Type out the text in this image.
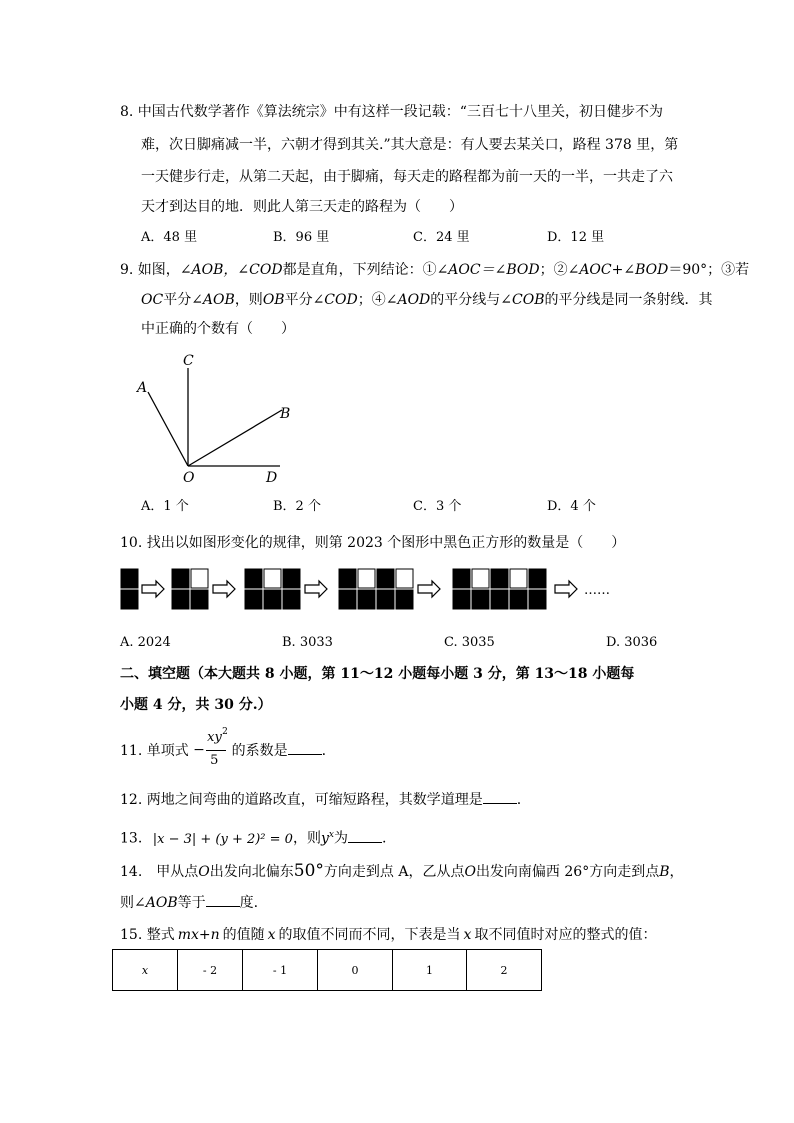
8. 中国古代数学著作《算法统宗》中有这样一段记载：“三百七十八里关，初日健步不为
难，次日脚痛减一半，六朝才得到其关.”其大意是：有人要去某关口，路程 378 里，第
一天健步行走，从第二天起，由于脚痛，每天走的路程都为前一天的一半，一共走了六
天才到达目的地．则此人第三天走的路程为（　　）
A．48 里	B．96 里	C．24 里	D．12 里
9. 如图，∠AOB，∠COD都是直角，下列结论：①∠AOC＝∠BOD；②∠AOC+∠BOD＝90°；③若
OC平分∠AOB，则OB平分∠COD；④∠AOD的平分线与∠COB的平分线是同一条射线．其
中正确的个数有（　　）
C
A
B
O	D
A．1 个	B．2 个	C．3 个	D．4 个
10. 找出以如图形变化的规律，则第 2023 个图形中黑色正方形的数量是（　　）
……
A. 2024	B. 3033	C. 3035	D. 3036
二、填空题（本大题共 8 小题，第 11～12 小题每小题 3 分，第 13～18 小题每
小题 4 分，共 30 分.）
11. 单项式 −
xy 2
5
的系数是 .
12. 两地之间弯曲的道路改直，可缩短路程，其数学道理是 .
13. |x − 3| + (y + 2)² = 0，则$y^x$为 .
14.　甲从点O出发向北偏东50°方向走到点 A，乙从点O出发向南偏西 26°方向走到点B，
则∠AOB等于 度.
15. 整式 mx+n 的值随 x 的取值不同而不同，下表是当 x 取不同值时对应的整式的值：
x	- 2	- 1	0	1	2
